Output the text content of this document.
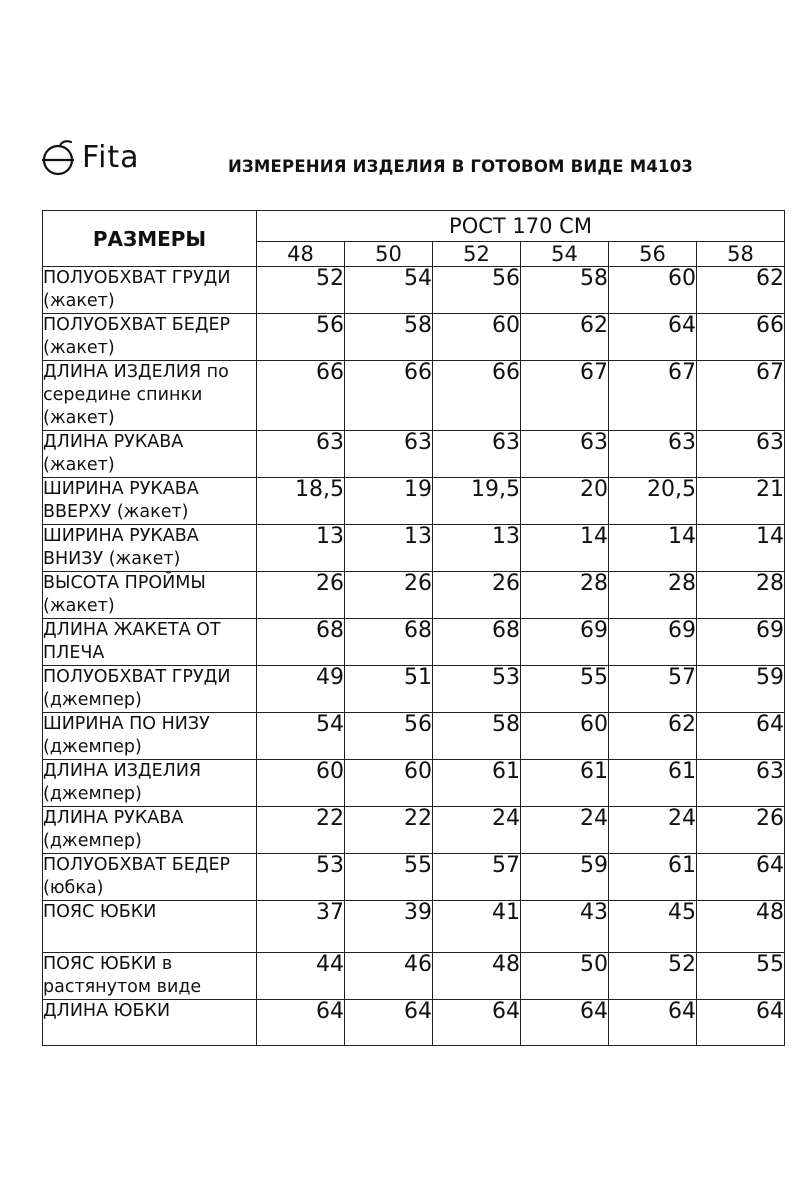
Fita	ИЗМЕРЕНИЯ ИЗДЕЛИЯ В ГОТОВОМ ВИДЕ М4103
РАЗМЕРЫ	РОСТ 170 СМ					
	48	50	52	54	56	58
ПОЛУОБХВАТ ГРУДИ (жакет)	52	54	56	58	60	62
ПОЛУОБХВАТ БЕДЕР (жакет)	56	58	60	62	64	66
ДЛИНА ИЗДЕЛИЯ по середине спинки (жакет)	66	66	66	67	67	67
ДЛИНА РУКАВА (жакет)	63	63	63	63	63	63
ШИРИНА РУКАВА ВВЕРХУ (жакет)	18,5	19	19,5	20	20,5	21
ШИРИНА РУКАВА ВНИЗУ (жакет)	13	13	13	14	14	14
ВЫСОТА ПРОЙМЫ (жакет)	26	26	26	28	28	28
ДЛИНА ЖАКЕТА ОТ ПЛЕЧА	68	68	68	69	69	69
ПОЛУОБХВАТ ГРУДИ (джемпер)	49	51	53	55	57	59
ШИРИНА ПО НИЗУ (джемпер)	54	56	58	60	62	64
ДЛИНА ИЗДЕЛИЯ (джемпер)	60	60	61	61	61	63
ДЛИНА РУКАВА (джемпер)	22	22	24	24	24	26
ПОЛУОБХВАТ БЕДЕР (юбка)	53	55	57	59	61	64
ПОЯС ЮБКИ	37	39	41	43	45	48
ПОЯС ЮБКИ в растянутом виде	44	46	48	50	52	55
ДЛИНА ЮБКИ	64	64	64	64	64	64
